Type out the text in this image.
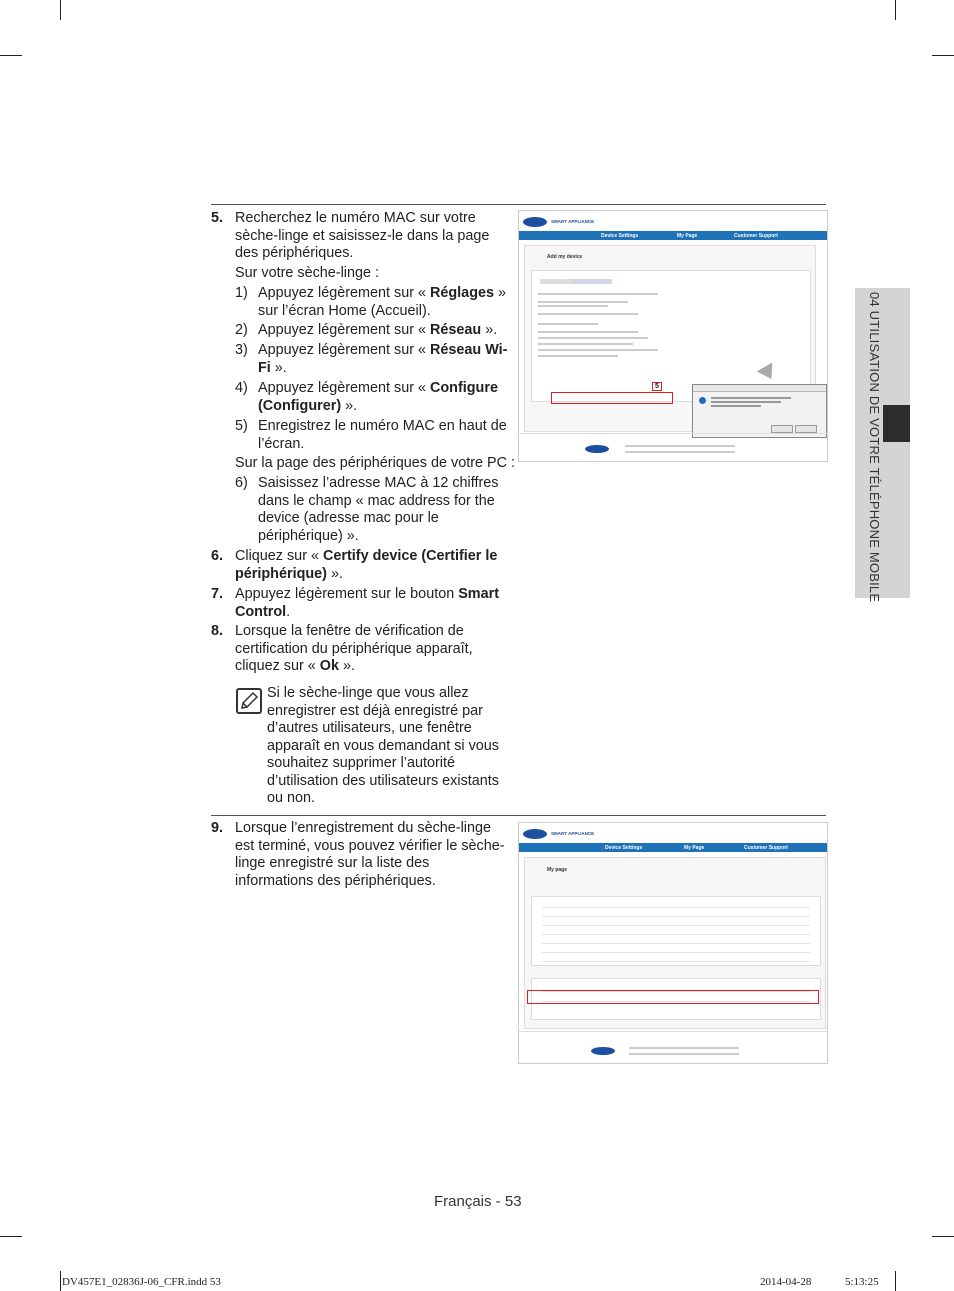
04 UTILISATION DE VOTRE TÉLÉPHONE MOBILE
5. Recherchez le numéro MAC sur votre sèche-linge et saisissez-le dans la page des périphériques.
Sur votre sèche-linge :
1) Appuyez légèrement sur « Réglages » sur l’écran Home (Accueil).
2) Appuyez légèrement sur « Réseau ».
3) Appuyez légèrement sur « Réseau Wi-Fi ».
4) Appuyez légèrement sur « Configure (Configurer) ».
5) Enregistrez le numéro MAC en haut de l’écran.
Sur la page des périphériques de votre PC :
6) Saisissez l’adresse MAC à 12 chiffres dans le champ « mac address for the device (adresse mac pour le périphérique) ».
6. Cliquez sur « Certify device (Certifier le périphérique) ».
7. Appuyez légèrement sur le bouton Smart Control.
8. Lorsque la fenêtre de vérification de certification du périphérique apparaît, cliquez sur « Ok ».
Si le sèche-linge que vous allez enregistrer est déjà enregistré par d’autres utilisateurs, une fenêtre apparaît en vous demandant si vous souhaitez supprimer l’autorité d’utilisation des utilisateurs existants ou non.
9. Lorsque l’enregistrement du sèche-linge est terminé, vous pouvez vérifier le sèche-linge enregistré sur la liste des informations des périphériques.
SMART APPLIANCE
Device Settings	My Page	Customer Support
Add my device
5
SMART APPLIANCE
Device Settings	My Page	Customer Support
My page
Français - 53
DV457E1_02836J-06_CFR.indd 53	2014-04-28	5:13:25
